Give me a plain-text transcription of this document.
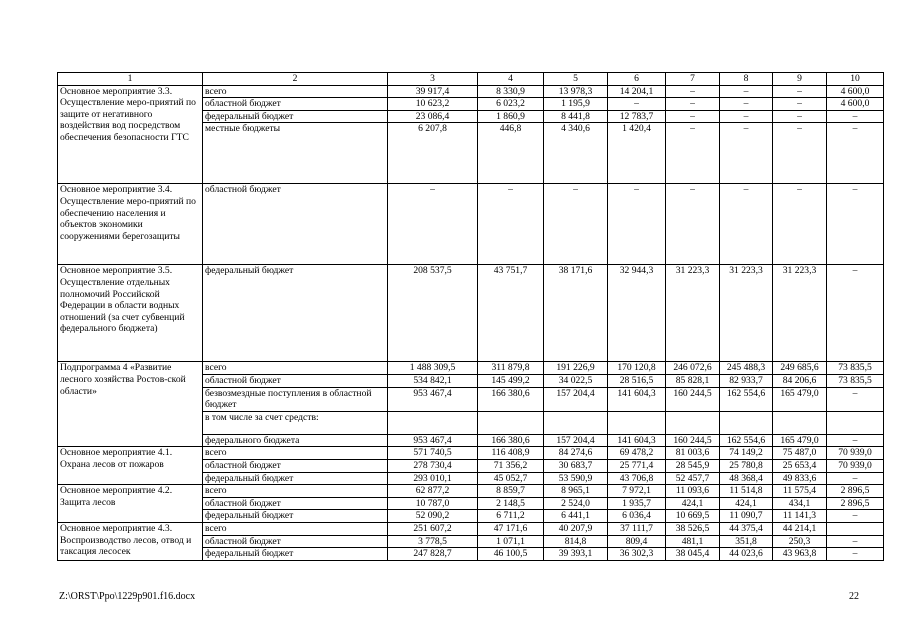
1	2	3	4	5	6	7	8	9	10
Основное мероприятие 3.3. Осуществление меро-приятий по защите от негативного воздействия вод посредством обеспечения безопасности ГТС	всего	39 917,4	8 330,9	13 978,3	14 204,1	–	–	–	4 600,0
	областной бюджет	10 623,2	6 023,2	1 195,9	–	–	–	–	4 600,0
	федеральный бюджет	23 086,4	1 860,9	8 441,8	12 783,7	–	–	–	–
	местные бюджеты	6 207,8	446,8	4 340,6	1 420,4	–	–	–	–
Основное мероприятие 3.4. Осуществление меро-приятий по обеспечению населения и объектов экономики сооружениями берегозащиты	областной бюджет	–	–	–	–	–	–	–	–
Основное мероприятие 3.5. Осуществление отдельных полномочий Российской Федерации в области водных отношений (за счет субвенций федерального бюджета)	федеральный бюджет	208 537,5	43 751,7	38 171,6	32 944,3	31 223,3	31 223,3	31 223,3	–
Подпрограмма 4 «Развитие лесного хозяйства Ростов-ской области»	всего	1 488 309,5	311 879,8	191 226,9	170 120,8	246 072,6	245 488,3	249 685,6	73 835,5
	областной бюджет	534 842,1	145 499,2	34 022,5	28 516,5	85 828,1	82 933,7	84 206,6	73 835,5
	безвозмездные поступления в областной бюджет	953 467,4	166 380,6	157 204,4	141 604,3	160 244,5	162 554,6	165 479,0	–
	в том числе за счет средств:								
	федерального бюджета	953 467,4	166 380,6	157 204,4	141 604,3	160 244,5	162 554,6	165 479,0	–
Основное мероприятие 4.1. Охрана лесов от пожаров	всего	571 740,5	116 408,9	84 274,6	69 478,2	81 003,6	74 149,2	75 487,0	70 939,0
	областной бюджет	278 730,4	71 356,2	30 683,7	25 771,4	28 545,9	25 780,8	25 653,4	70 939,0
	федеральный бюджет	293 010,1	45 052,7	53 590,9	43 706,8	52 457,7	48 368,4	49 833,6	–
Основное мероприятие 4.2. Защита лесов	всего	62 877,2	8 859,7	8 965,1	7 972,1	11 093,6	11 514,8	11 575,4	2 896,5
	областной бюджет	10 787,0	2 148,5	2 524,0	1 935,7	424,1	424,1	434,1	2 896,5
	федеральный бюджет	52 090,2	6 711,2	6 441,1	6 036,4	10 669,5	11 090,7	11 141,3	–
Основное мероприятие 4.3. Воспроизводство лесов, отвод и таксация лесосек	всего	251 607,2	47 171,6	40 207,9	37 111,7	38 526,5	44 375,4	44 214,1	
	областной бюджет	3 778,5	1 071,1	814,8	809,4	481,1	351,8	250,3	–
	федеральный бюджет	247 828,7	46 100,5	39 393,1	36 302,3	38 045,4	44 023,6	43 963,8	–
Z:\ORST\Ppo\1229p901.f16.docx	22
